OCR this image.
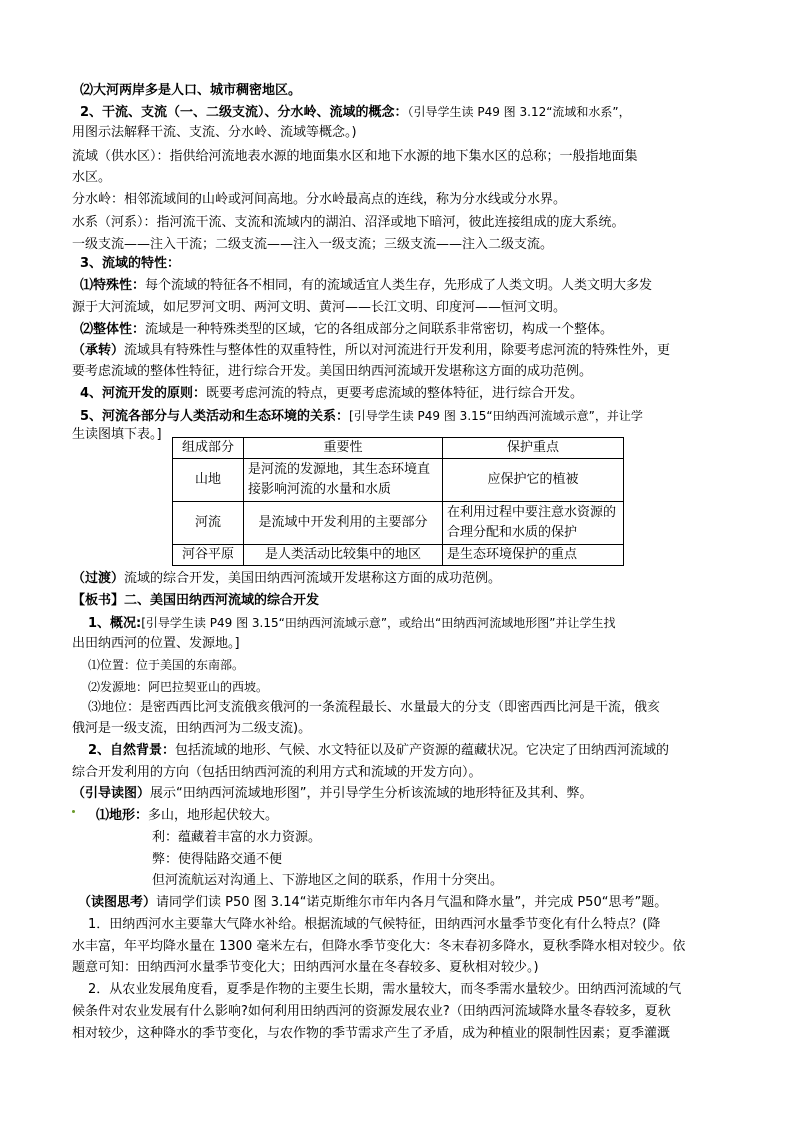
⑵大河两岸多是人口、城市稠密地区。
2、干流、支流（一、二级支流）、分水岭、流域的概念：（引导学生读 P49 图 3.12“流域和水系”，
用图示法解释干流、支流、分水岭、流域等概念。)
流域（供水区）：指供给河流地表水源的地面集水区和地下水源的地下集水区的总称；一般指地面集
水区。
分水岭：相邻流域间的山岭或河间高地。分水岭最高点的连线，称为分水线或分水界。
水系（河系）：指河流干流、支流和流域内的湖泊、沼泽或地下暗河，彼此连接组成的庞大系统。
一级支流——注入干流；二级支流——注入一级支流；三级支流——注入二级支流。
3、流域的特性：
⑴特殊性：每个流域的特征各不相同，有的流域适宜人类生存，先形成了人类文明。人类文明大多发
源于大河流域，如尼罗河文明、两河文明、黄河——长江文明、印度河——恒河文明。
⑵整体性：流域是一种特殊类型的区域，它的各组成部分之间联系非常密切，构成一个整体。
（承转）流域具有特殊性与整体性的双重特性，所以对河流进行开发利用，除要考虑河流的特殊性外，更
要考虑流域的整体性特征，进行综合开发。美国田纳西河流域开发堪称这方面的成功范例。
4、河流开发的原则：既要考虑河流的特点，更要考虑流域的整体特征，进行综合开发。
5、河流各部分与人类活动和生态环境的关系：[引导学生读 P49 图 3.15“田纳西河流域示意”，并让学
生读图填下表。]
组成部分	重要性	保护重点
山地	是河流的发源地，其生态环境直接影响河流的水量和水质	应保护它的植被
河流	是流域中开发利用的主要部分	在利用过程中要注意水资源的合理分配和水质的保护
河谷平原	是人类活动比较集中的地区	是生态环境保护的重点
（过渡）流域的综合开发，美国田纳西河流域开发堪称这方面的成功范例。
【板书】二、美国田纳西河流域的综合开发
1、概况:[引导学生读 P49 图 3.15“田纳西河流域示意”，或给出“田纳西河流域地形图”并让学生找
出田纳西河的位置、发源地。]
⑴位置：位于美国的东南部。
⑵发源地：阿巴拉契亚山的西坡。
⑶地位：是密西西比河支流俄亥俄河的一条流程最长、水量最大的分支（即密西西比河是干流，俄亥
俄河是一级支流，田纳西河为二级支流)。
2、自然背景：包括流域的地形、气候、水文特征以及矿产资源的蕴藏状况。它决定了田纳西河流域的
综合开发利用的方向（包括田纳西河流的利用方式和流域的开发方向）。
（引导读图）展示“田纳西河流域地形图”，并引导学生分析该流域的地形特征及其利、弊。
⑴地形：多山，地形起伏较大。
利：蕴藏着丰富的水力资源。
弊：使得陆路交通不便
但河流航运对沟通上、下游地区之间的联系，作用十分突出。
（读图思考）请同学们读 P50 图 3.14“诺克斯维尔市年内各月气温和降水量”，并完成 P50“思考”题。
1．田纳西河水主要靠大气降水补给。根据流域的气候特征，田纳西河水量季节变化有什么特点？(降
水丰富，年平均降水量在 1300 毫米左右，但降水季节变化大：冬末春初多降水，夏秋季降水相对较少。依
题意可知：田纳西河水量季节变化大；田纳西河水量在冬春较多、夏秋相对较少。)
2．从农业发展角度看，夏季是作物的主要生长期，需水量较大，而冬季需水量较少。田纳西河流域的气
候条件对农业发展有什么影响?如何利用田纳西河的资源发展农业?（田纳西河流域降水量冬春较多，夏秋
相对较少，这种降水的季节变化，与农作物的季节需求产生了矛盾，成为种植业的限制性因素；夏季灌溉
